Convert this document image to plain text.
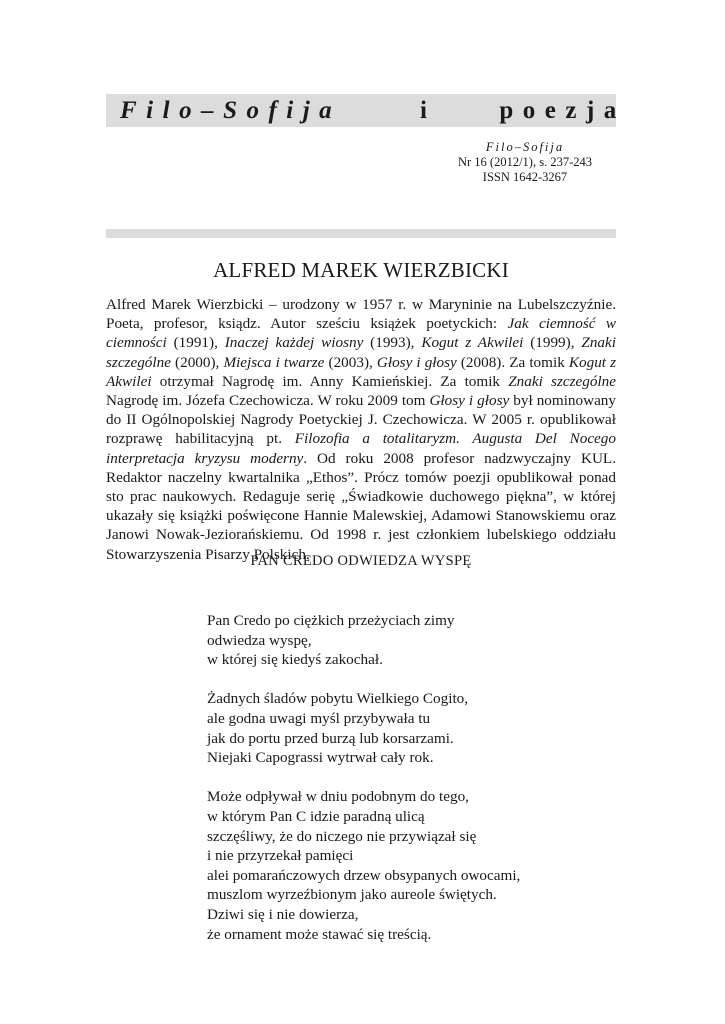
Filo–Sofija	i	poezja
Filo–Sofija
Nr 16 (2012/1), s. 237-243
ISSN 1642-3267
ALFRED MAREK WIERZBICKI
Alfred Marek Wierzbicki – urodzony w 1957 r. w Maryninie na Lubelszczyźnie. Poeta, profesor, ksiądz. Autor sześciu książek poetyckich: Jak ciemność w ciemności (1991), Inaczej każdej wiosny (1993), Kogut z Akwilei (1999), Znaki szczególne (2000), Miejsca i twarze (2003), Głosy i głosy (2008). Za tomik Kogut z Akwilei otrzymał Nagrodę im. Anny Kamieńskiej. Za tomik Znaki szczególne Nagrodę im. Józefa Czechowicza. W roku 2009 tom Głosy i głosy był nominowany do II Ogólnopolskiej Nagrody Poetyckiej J. Czechowicza. W 2005 r. opublikował rozprawę habilitacyjną pt. Filozofia a totalitaryzm. Augusta Del Nocego interpretacja kryzysu moderny. Od roku 2008 profesor nadzwyczajny KUL. Redaktor naczelny kwartalnika „Ethos”. Prócz tomów poezji opublikował ponad sto prac naukowych. Redaguje serię „Świadkowie duchowego piękna”, w której ukazały się książki poświęcone Hannie Malewskiej, Adamowi Stanowskiemu oraz Janowi Nowak-Jeziorańskiemu. Od 1998 r. jest członkiem lubelskiego oddziału Stowarzyszenia Pisarzy Polskich.
PAN CREDO ODWIEDZA WYSPĘ
Pan Credo po ciężkich przeżyciach zimy
odwiedza wyspę,
w której się kiedyś zakochał.
Żadnych śladów pobytu Wielkiego Cogito,
ale godna uwagi myśl przybywała tu
jak do portu przed burzą lub korsarzami.
Niejaki Capograssi wytrwał cały rok.
Może odpływał w dniu podobnym do tego,
w którym Pan C idzie paradną ulicą
szczęśliwy, że do niczego nie przywiązał się
i nie przyrzekał pamięci
alei pomarańczowych drzew obsypanych owocami,
muszlom wyrzeźbionym jako aureole świętych.
Dziwi się i nie dowierza,
że ornament może stawać się treścią.
